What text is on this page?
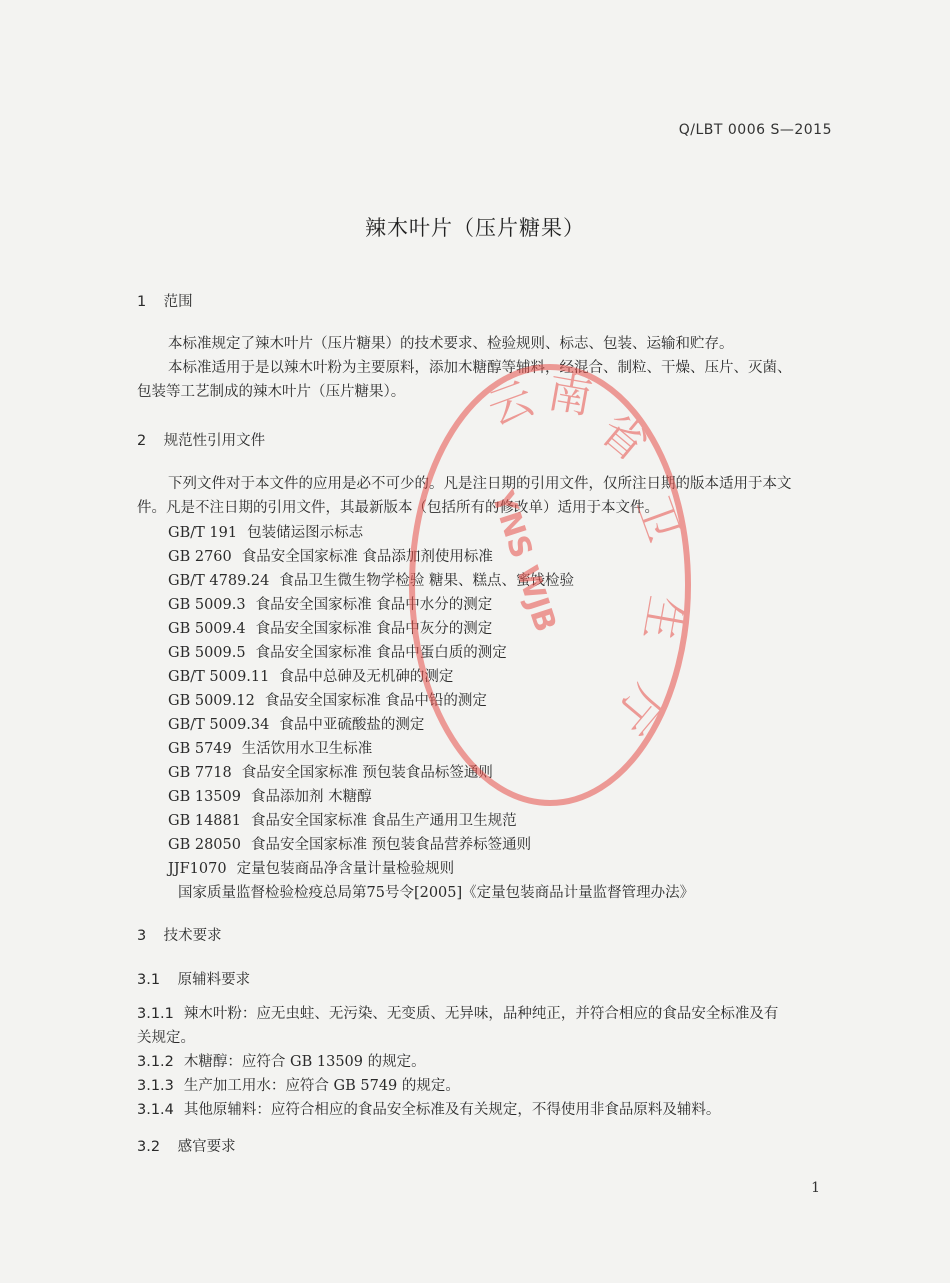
Q/LBT 0006 S—2015
辣木叶片（压片糖果）
1 范围
本标准规定了辣木叶片（压片糖果）的技术要求、检验规则、标志、包装、运输和贮存。
本标准适用于是以辣木叶粉为主要原料，添加木糖醇等辅料，经混合、制粒、干燥、压片、灭菌、
包装等工艺制成的辣木叶片（压片糖果）。
2 规范性引用文件
下列文件对于本文件的应用是必不可少的。凡是注日期的引用文件，仅所注日期的版本适用于本文
件。凡是不注日期的引用文件，其最新版本（包括所有的修改单）适用于本文件。
GB/T 191 包装储运图示标志
GB 2760 食品安全国家标准 食品添加剂使用标准
GB/T 4789.24 食品卫生微生物学检验 糖果、糕点、蜜饯检验
GB 5009.3 食品安全国家标准 食品中水分的测定
GB 5009.4 食品安全国家标准 食品中灰分的测定
GB 5009.5 食品安全国家标准 食品中蛋白质的测定
GB/T 5009.11 食品中总砷及无机砷的测定
GB 5009.12 食品安全国家标准 食品中铅的测定
GB/T 5009.34 食品中亚硫酸盐的测定
GB 5749 生活饮用水卫生标准
GB 7718 食品安全国家标准 预包装食品标签通则
GB 13509 食品添加剂 木糖醇
GB 14881 食品安全国家标准 食品生产通用卫生规范
GB 28050 食品安全国家标准 预包装食品营养标签通则
JJF1070 定量包装商品净含量计量检验规则
国家质量监督检验检疫总局第75号令[2005]《定量包装商品计量监督管理办法》
3 技术要求
3.1 原辅料要求
3.1.1 辣木叶粉：应无虫蛀、无污染、无变质、无异味，品种纯正，并符合相应的食品安全标准及有
关规定。
3.1.2 木糖醇：应符合 GB 13509 的规定。
3.1.3 生产加工用水：应符合 GB 5749 的规定。
3.1.4 其他原辅料：应符合相应的食品安全标准及有关规定，不得使用非食品原料及辅料。
3.2 感官要求
1
云 南
省
卫
生
厅
YNS WJB
